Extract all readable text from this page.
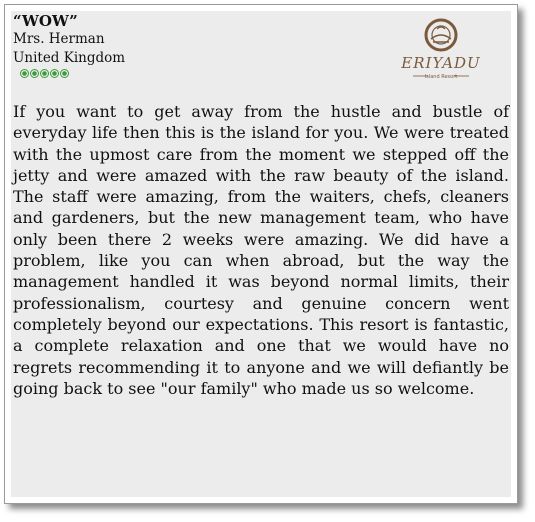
“WOW”
Mrs. Herman
United Kingdom	ERIYADU
Island Resort

If you want to get away from the hustle and bustle of everyday life then this is the island for you. We were treated with the upmost care from the moment we stepped off the jetty and were amazed with the raw beauty of the island. The staff were amazing, from the waiters, chefs, cleaners and gardeners, but the new management team, who have only been there 2 weeks were amazing. We did have a problem, like you can when abroad, but the way the management handled it was beyond normal limits, their professionalism, courtesy and genuine concern went completely beyond our expectations. This resort is fantastic, a complete relaxation and one that we would have no regrets recommending it to anyone and we will defiantly be going back to see "our family" who made us so welcome.
